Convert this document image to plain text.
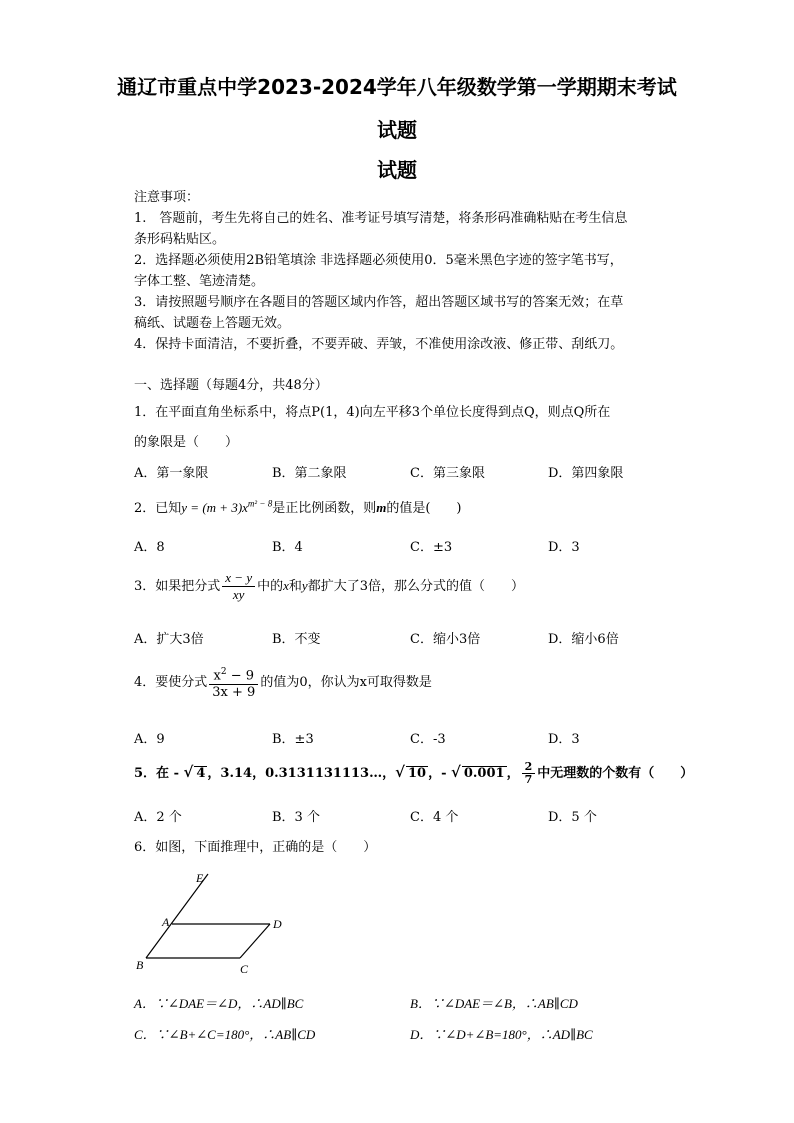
通辽市重点中学2023-2024学年八年级数学第一学期期末考试
试题
试题
注意事项：
1.　答题前，考生先将自己的姓名、准考证号填写清楚，将条形码准确粘贴在考生信息
条形码粘贴区。
2．选择题必须使用2B铅笔填涂 非选择题必须使用0．5毫米黑色字迹的签字笔书写，
字体工整、笔迹清楚。
3．请按照题号顺序在各题目的答题区域内作答，超出答题区域书写的答案无效；在草
稿纸、试题卷上答题无效。
4．保持卡面清洁，不要折叠，不要弄破、弄皱，不准使用涂改液、修正带、刮纸刀。
一、选择题（每题4分，共48分）
1．在平面直角坐标系中，将点P(1，4)向左平移3个单位长度得到点Q，则点Q所在
的象限是（　　）
A．第一象限	B．第二象限	C．第三象限	D．第四象限
2．已知$y = (m + 3)x^{m^2 - 8}$是正比例函数，则m的值是(　　)
A．8	B．4	C．±3	D．3
3．如果把分式 $\frac{x - y}{xy}$ 中的x和y都扩大了3倍，那么分式的值（　　）
A．扩大3倍	B．不变	C．缩小3倍	D．缩小6倍
4．要使分式 $\frac{x^2 - 9}{3x + 9}$ 的值为0，你认为x可取得数是
A．9	B．±3	C．-3	D．3
5．在 - √ 4 ，3.14，0.3131131113…，√ 10 ，- √ 0.001 ， $\frac{2}{7}$ 中无理数的个数有（　　）
A．2 个	B．3 个	C．4 个	D．5 个
6．如图，下面推理中，正确的是（　　）
E
A	D
B	C
A．∵∠DAE＝∠D，∴AD∥BC	B．∵∠DAE＝∠B，∴AB∥CD
C．∵∠B+∠C=180°，∴AB∥CD	D．∵∠D+∠B=180°，∴AD∥BC
